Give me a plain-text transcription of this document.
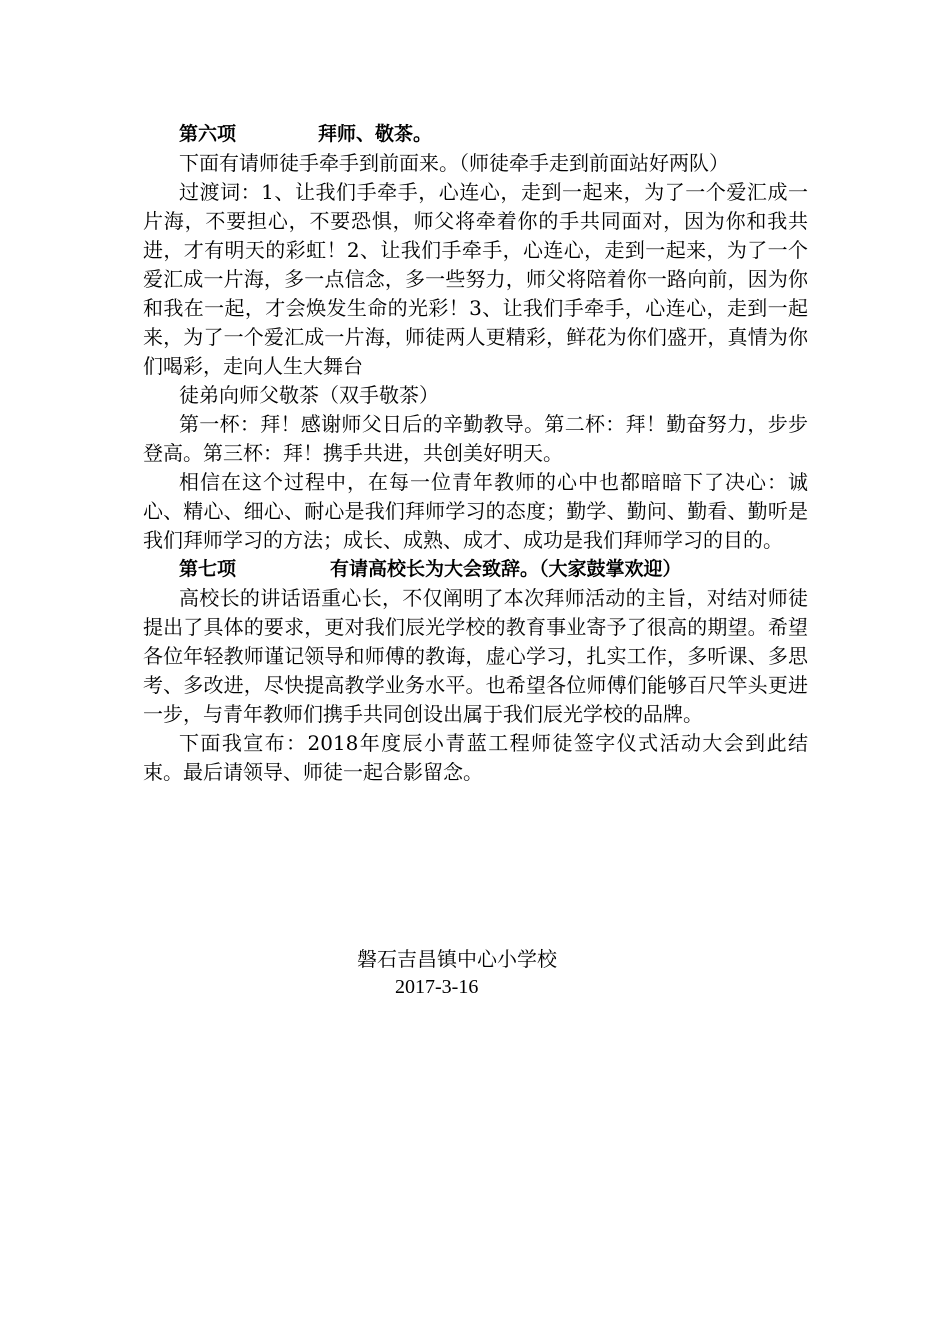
第六项	拜师、敬茶。

下面有请师徒手牵手到前面来。（师徒牵手走到前面站好两队）

过渡词：1、让我们手牵手，心连心，走到一起来，为了一个爱汇成一片海，不要担心，不要恐惧，师父将牵着你的手共同面对，因为你和我共进，才有明天的彩虹！2、让我们手牵手，心连心，走到一起来，为了一个爱汇成一片海，多一点信念，多一些努力，师父将陪着你一路向前，因为你和我在一起，才会焕发生命的光彩！3、让我们手牵手，心连心，走到一起来，为了一个爱汇成一片海，师徒两人更精彩，鲜花为你们盛开，真情为你们喝彩，走向人生大舞台

徒弟向师父敬茶（双手敬茶）

第一杯：拜！感谢师父日后的辛勤教导。第二杯：拜！勤奋努力，步步登高。第三杯：拜！携手共进，共创美好明天。

相信在这个过程中，在每一位青年教师的心中也都暗暗下了决心：诚心、精心、细心、耐心是我们拜师学习的态度；勤学、勤问、勤看、勤听是我们拜师学习的方法；成长、成熟、成才、成功是我们拜师学习的目的。

第七项	有请高校长为大会致辞。（大家鼓掌欢迎）

高校长的讲话语重心长，不仅阐明了本次拜师活动的主旨，对结对师徒提出了具体的要求，更对我们辰光学校的教育事业寄予了很高的期望。希望各位年轻教师谨记领导和师傅的教诲，虚心学习，扎实工作，多听课、多思考、多改进，尽快提高教学业务水平。也希望各位师傅们能够百尺竿头更进一步，与青年教师们携手共同创设出属于我们辰光学校的品牌。

下面我宣布：2018年度辰小青蓝工程师徒签字仪式活动大会到此结束。最后请领导、师徒一起合影留念。

磐石吉昌镇中心小学校
2017-3-16
